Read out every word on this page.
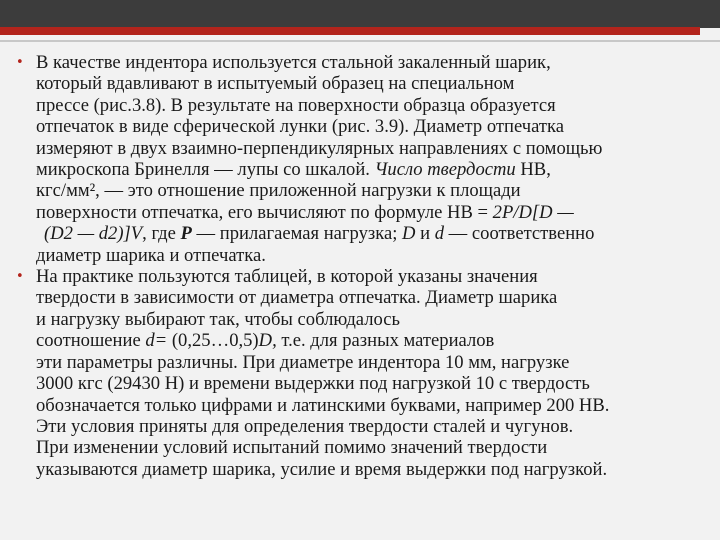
• В качестве индентора используется стальной закаленный шарик,
который вдавливают в испытуемый образец на специальном
прессе (рис.3.8). В результате на поверхности образца образуется
отпечаток в виде сферической лунки (рис. 3.9). Диаметр отпечатка
измеряют в двух взаимно-перпендикулярных направлениях с помощью
микроскопа Бринелля — лупы со шкалой. Число твердости НВ,
кгс/мм², — это отношение приложенной нагрузки к площади
поверхности отпечатка, его вычисляют по формуле НВ = 2Р/D[D —
(D2 — d2)]V, где Р — прилагаемая нагрузка; D и d — соответственно
диаметр шарика и отпечатка.

• На практике пользуются таблицей, в которой указаны значения
твердости в зависимости от диаметра отпечатка. Диаметр шарика
и нагрузку выбирают так, чтобы соблюдалось
соотношение d= (0,25…0,5)D, т.е. для разных материалов
эти параметры различны. При диаметре индентора 10 мм, нагрузке
3000 кгс (29430 Н) и времени выдержки под нагрузкой 10 с твердость
обозначается только цифрами и латинскими буквами, например 200 НВ.
Эти условия приняты для определения твердости сталей и чугунов.
При изменении условий испытаний помимо значений твердости
указываются диаметр шарика, усилие и время выдержки под нагрузкой.
